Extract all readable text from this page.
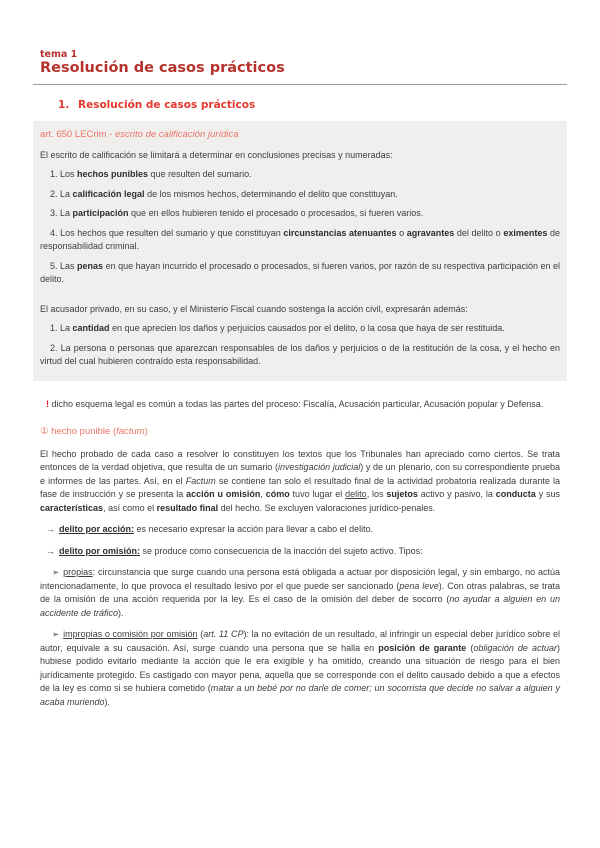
tema 1
Resolución de casos prácticos
1. Resolución de casos prácticos
art. 650 LECrim - escrito de calificación jurídica

El escrito de calificación se limitará a determinar en conclusiones precisas y numeradas:

1. Los hechos punibles que resulten del sumario.

2. La calificación legal de los mismos hechos, determinando el delito que constituyan.

3. La participación que en ellos hubieren tenido el procesado o procesados, si fueren varios.

4. Los hechos que resulten del sumario y que constituyan circunstancias atenuantes o agravantes del delito o eximentes de responsabilidad criminal.

5. Las penas en que hayan incurrido el procesado o procesados, si fueren varios, por razón de su respectiva participación en el delito.

El acusador privado, en su caso, y el Ministerio Fiscal cuando sostenga la acción civil, expresarán además:

1. La cantidad en que aprecien los daños y perjuicios causados por el delito, o la cosa que haya de ser restituida.

2. La persona o personas que aparezcan responsables de los daños y perjuicios o de la restitución de la cosa, y el hecho en virtud del cual hubieren contraído esta responsabilidad.

! dicho esquema legal es común a todas las partes del proceso: Fiscalía, Acusación particular, Acusación popular y Defensa.

① hecho punible (factum)

El hecho probado de cada caso a resolver lo constituyen los textos que los Tribunales han apreciado como ciertos. Se trata entonces de la verdad objetiva, que resulta de un sumario (investigación judicial) y de un plenario, con su correspondiente prueba e informes de las partes. Así, en el Factum se contiene tan solo el resultado final de la actividad probatoria realizada durante la fase de instrucción y se presenta la acción u omisión, cómo tuvo lugar el delito, los sujetos activo y pasivo, la conducta y sus características, así como el resultado final del hecho. Se excluyen valoraciones jurídico-penales.

→ delito por acción: es necesario expresar la acción para llevar a cabo el delito.

→ delito por omisión: se produce como consecuencia de la inacción del sujeto activo. Tipos:

➢ propias: circunstancia que surge cuando una persona está obligada a actuar por disposición legal, y sin embargo, no actúa intencionadamente, lo que provoca el resultado lesivo por el que puede ser sancionado (pena leve). Con otras palabras, se trata de la omisión de una acción requerida por la ley. Es el caso de la omisión del deber de socorro (no ayudar a alguien en un accidente de tráfico).

➢ impropias o comisión por omisión (art. 11 CP): la no evitación de un resultado, al infringir un especial deber jurídico sobre el autor, equivale a su causación. Así, surge cuando una persona que se halla en posición de garante (obligación de actuar) hubiese podido evitarlo mediante la acción que le era exigible y ha omitido, creando una situación de riesgo para el bien jurídicamente protegido. Es castigado con mayor pena, aquella que se corresponde con el delito causado debido a que a efectos de la ley es como si se hubiera cometido (matar a un bebé por no darle de comer; un socorrista que decide no salvar a alguien y acaba muriendo).
